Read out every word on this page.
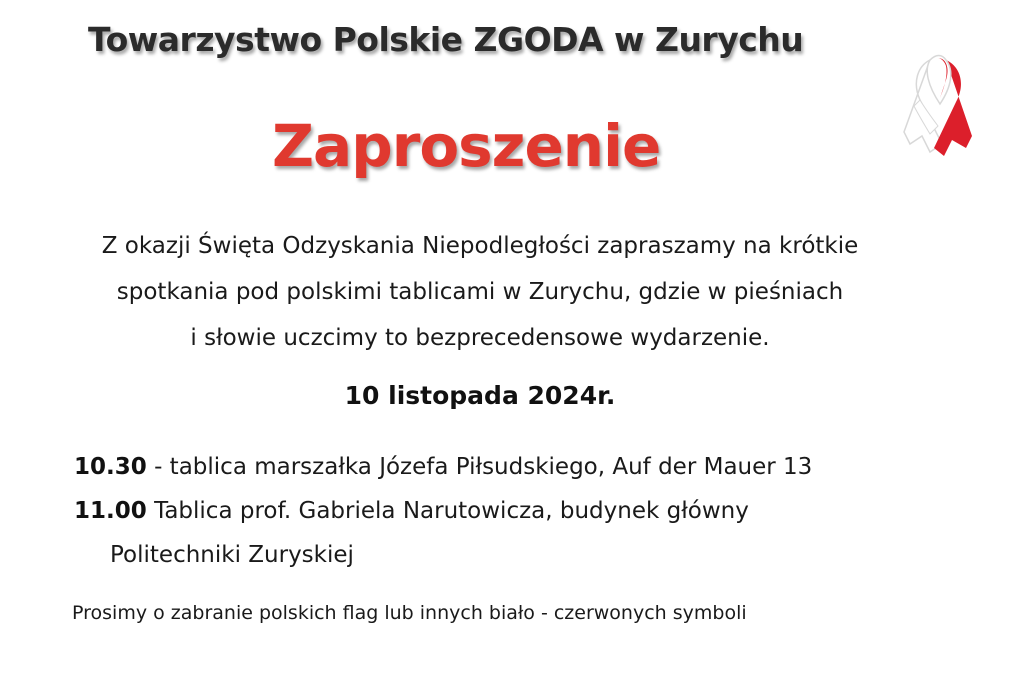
Towarzystwo Polskie ZGODA w Zurychu
Zaproszenie
Z okazji Święta Odzyskania Niepodległości zapraszamy na krótkie
spotkania pod polskimi tablicami w Zurychu, gdzie w pieśniach
i słowie uczcimy to bezprecedensowe wydarzenie.
10 listopada 2024r.
10.30 - tablica marszałka Józefa Piłsudskiego, Auf der Mauer 13
11.00 Tablica prof. Gabriela Narutowicza, budynek główny
Politechniki Zuryskiej
Prosimy o zabranie polskich flag lub innych biało - czerwonych symboli
